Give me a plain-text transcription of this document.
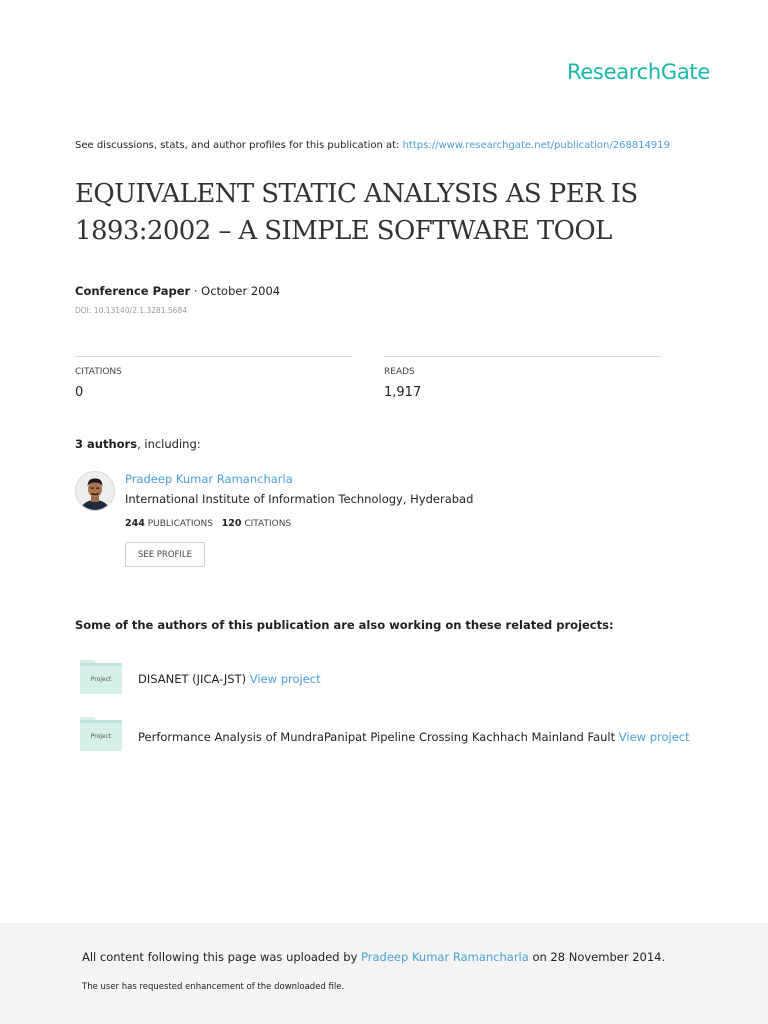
ResearchGate
See discussions, stats, and author profiles for this publication at: https://www.researchgate.net/publication/268814919
EQUIVALENT STATIC ANALYSIS AS PER IS 1893:2002 – A SIMPLE SOFTWARE TOOL
Conference Paper · October 2004
DOI: 10.13140/2.1.3281.5684
CITATIONS
0
READS
1,917
3 authors, including:
Pradeep Kumar Ramancharla
International Institute of Information Technology, Hyderabad
244 PUBLICATIONS 120 CITATIONS
SEE PROFILE
Some of the authors of this publication are also working on these related projects:
Project DISANET (JICA-JST) View project
Project Performance Analysis of MundraPanipat Pipeline Crossing Kachhach Mainland Fault View project
All content following this page was uploaded by Pradeep Kumar Ramancharla on 28 November 2014.
The user has requested enhancement of the downloaded file.
